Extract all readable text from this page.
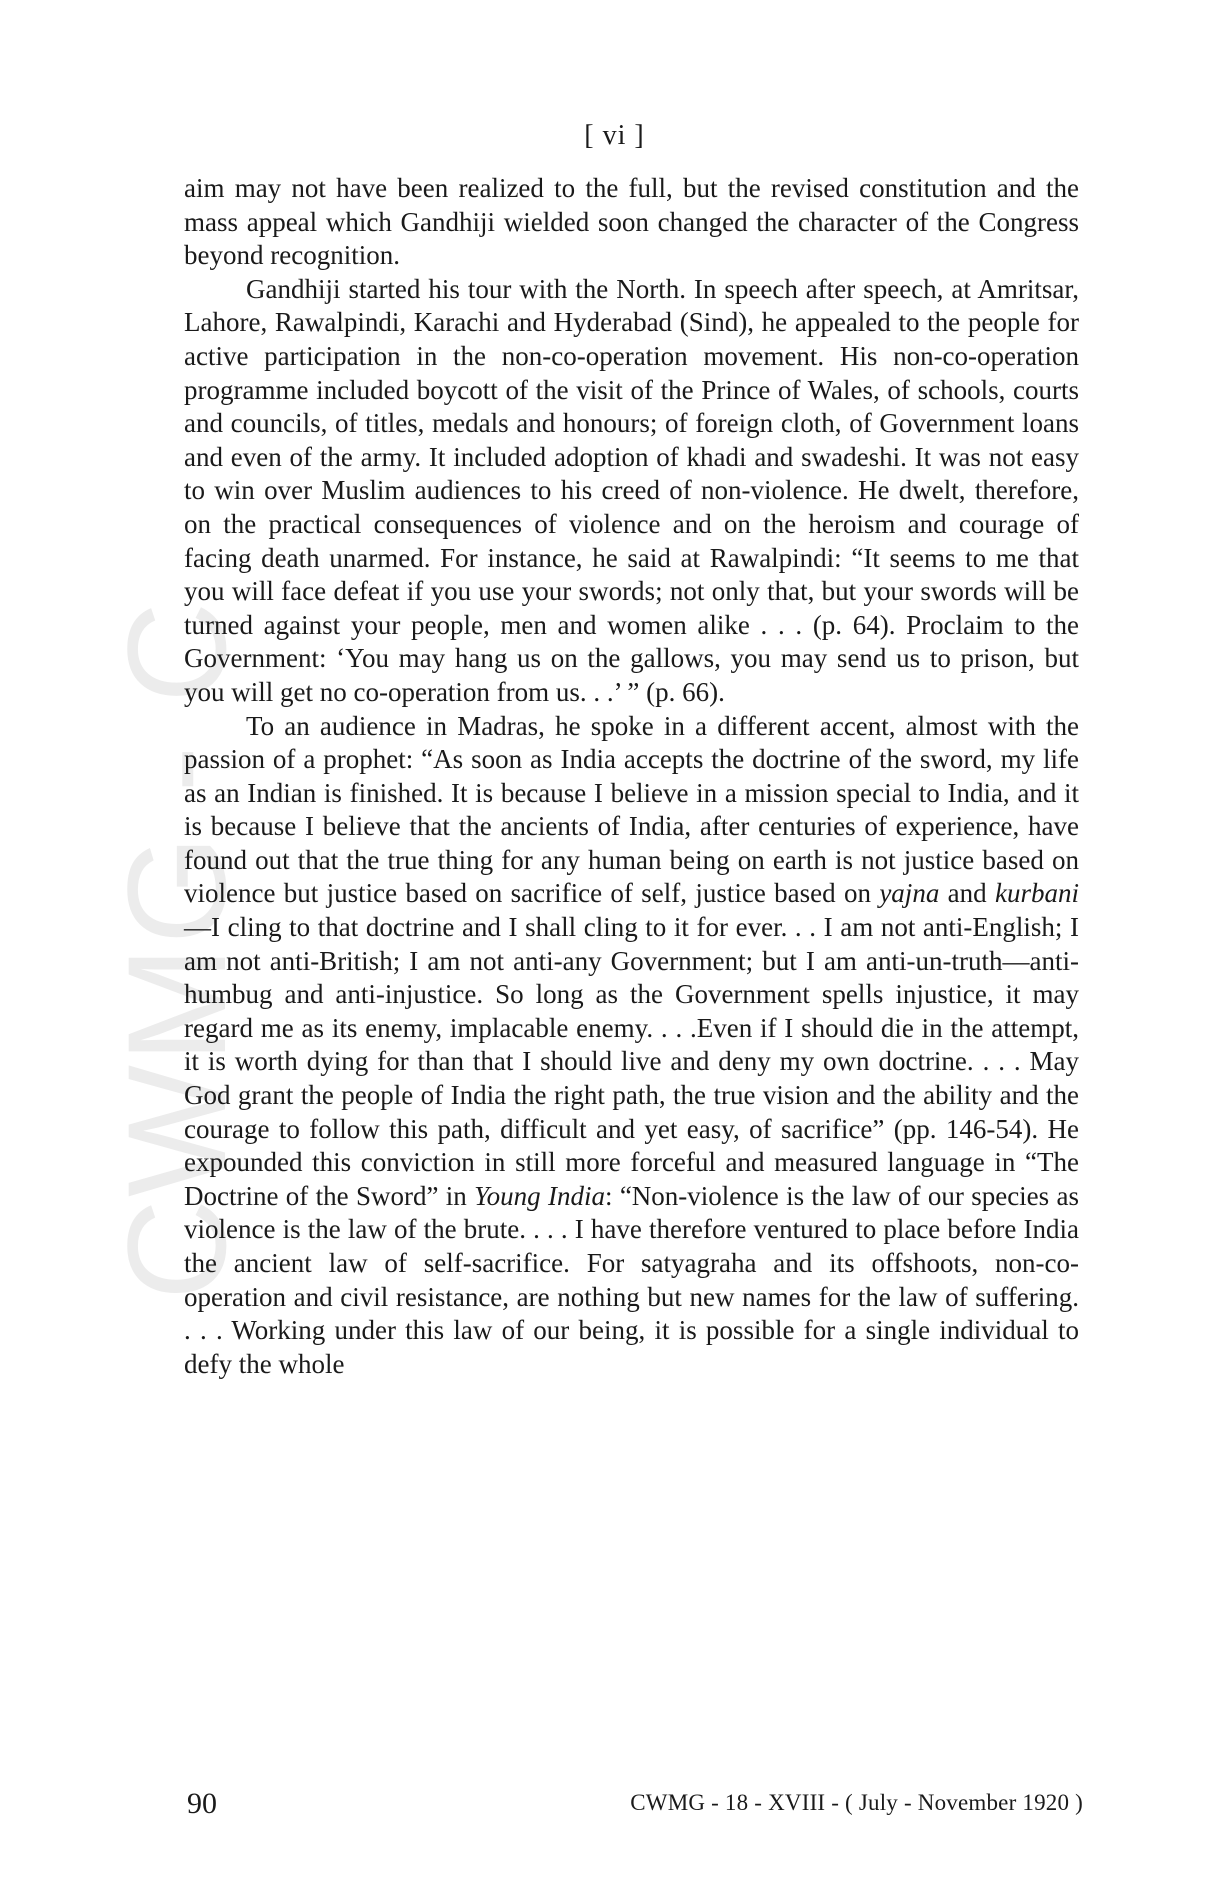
CWMG - C
[ vi ]

aim may not have been realized to the full, but the revised constitution and the mass appeal which Gandhiji wielded soon changed the character of the Congress beyond recognition.

Gandhiji started his tour with the North. In speech after speech, at Amritsar, Lahore, Rawalpindi, Karachi and Hyderabad (Sind), he appealed to the people for active participation in the non-co-operation movement. His non-co-operation programme included boycott of the visit of the Prince of Wales, of schools, courts and councils, of titles, medals and honours; of foreign cloth, of Government loans and even of the army. It included adoption of khadi and swadeshi. It was not easy to win over Muslim audiences to his creed of non-violence. He dwelt, therefore, on the practical consequences of violence and on the heroism and courage of facing death unarmed. For instance, he said at Rawalpindi: “It seems to me that you will face defeat if you use your swords; not only that, but your swords will be turned against your people, men and women alike . . . (p. 64). Proclaim to the Government: ‘You may hang us on the gallows, you may send us to prison, but you will get no co-operation from us. . .’ ” (p. 66).

To an audience in Madras, he spoke in a different accent, almost with the passion of a prophet: “As soon as India accepts the doctrine of the sword, my life as an Indian is finished. It is because I believe in a mission special to India, and it is because I believe that the ancients of India, after centuries of experience, have found out that the true thing for any human being on earth is not justice based on violence but justice based on sacrifice of self, justice based on yajna and kurbani—I cling to that doctrine and I shall cling to it for ever. . . I am not anti-English; I am not anti-British; I am not anti-any Government; but I am anti-un-truth—anti-humbug and anti-injustice. So long as the Government spells injustice, it may regard me as its enemy, implacable enemy. . . .Even if I should die in the attempt, it is worth dying for than that I should live and deny my own doctrine. . . . May God grant the people of India the right path, the true vision and the ability and the courage to follow this path, difficult and yet easy, of sacrifice” (pp. 146-54). He expounded this conviction in still more forceful and measured language in “The Doctrine of the Sword” in Young India: “Non-violence is the law of our species as violence is the law of the brute. . . . I have therefore ventured to place before India the ancient law of self-sacrifice. For satyagraha and its offshoots, non-co-operation and civil resistance, are nothing but new names for the law of suffering. . . . Working under this law of our being, it is possible for a single individual to defy the whole

90	CWMG - 18 - XVIII - ( July - November 1920 )
